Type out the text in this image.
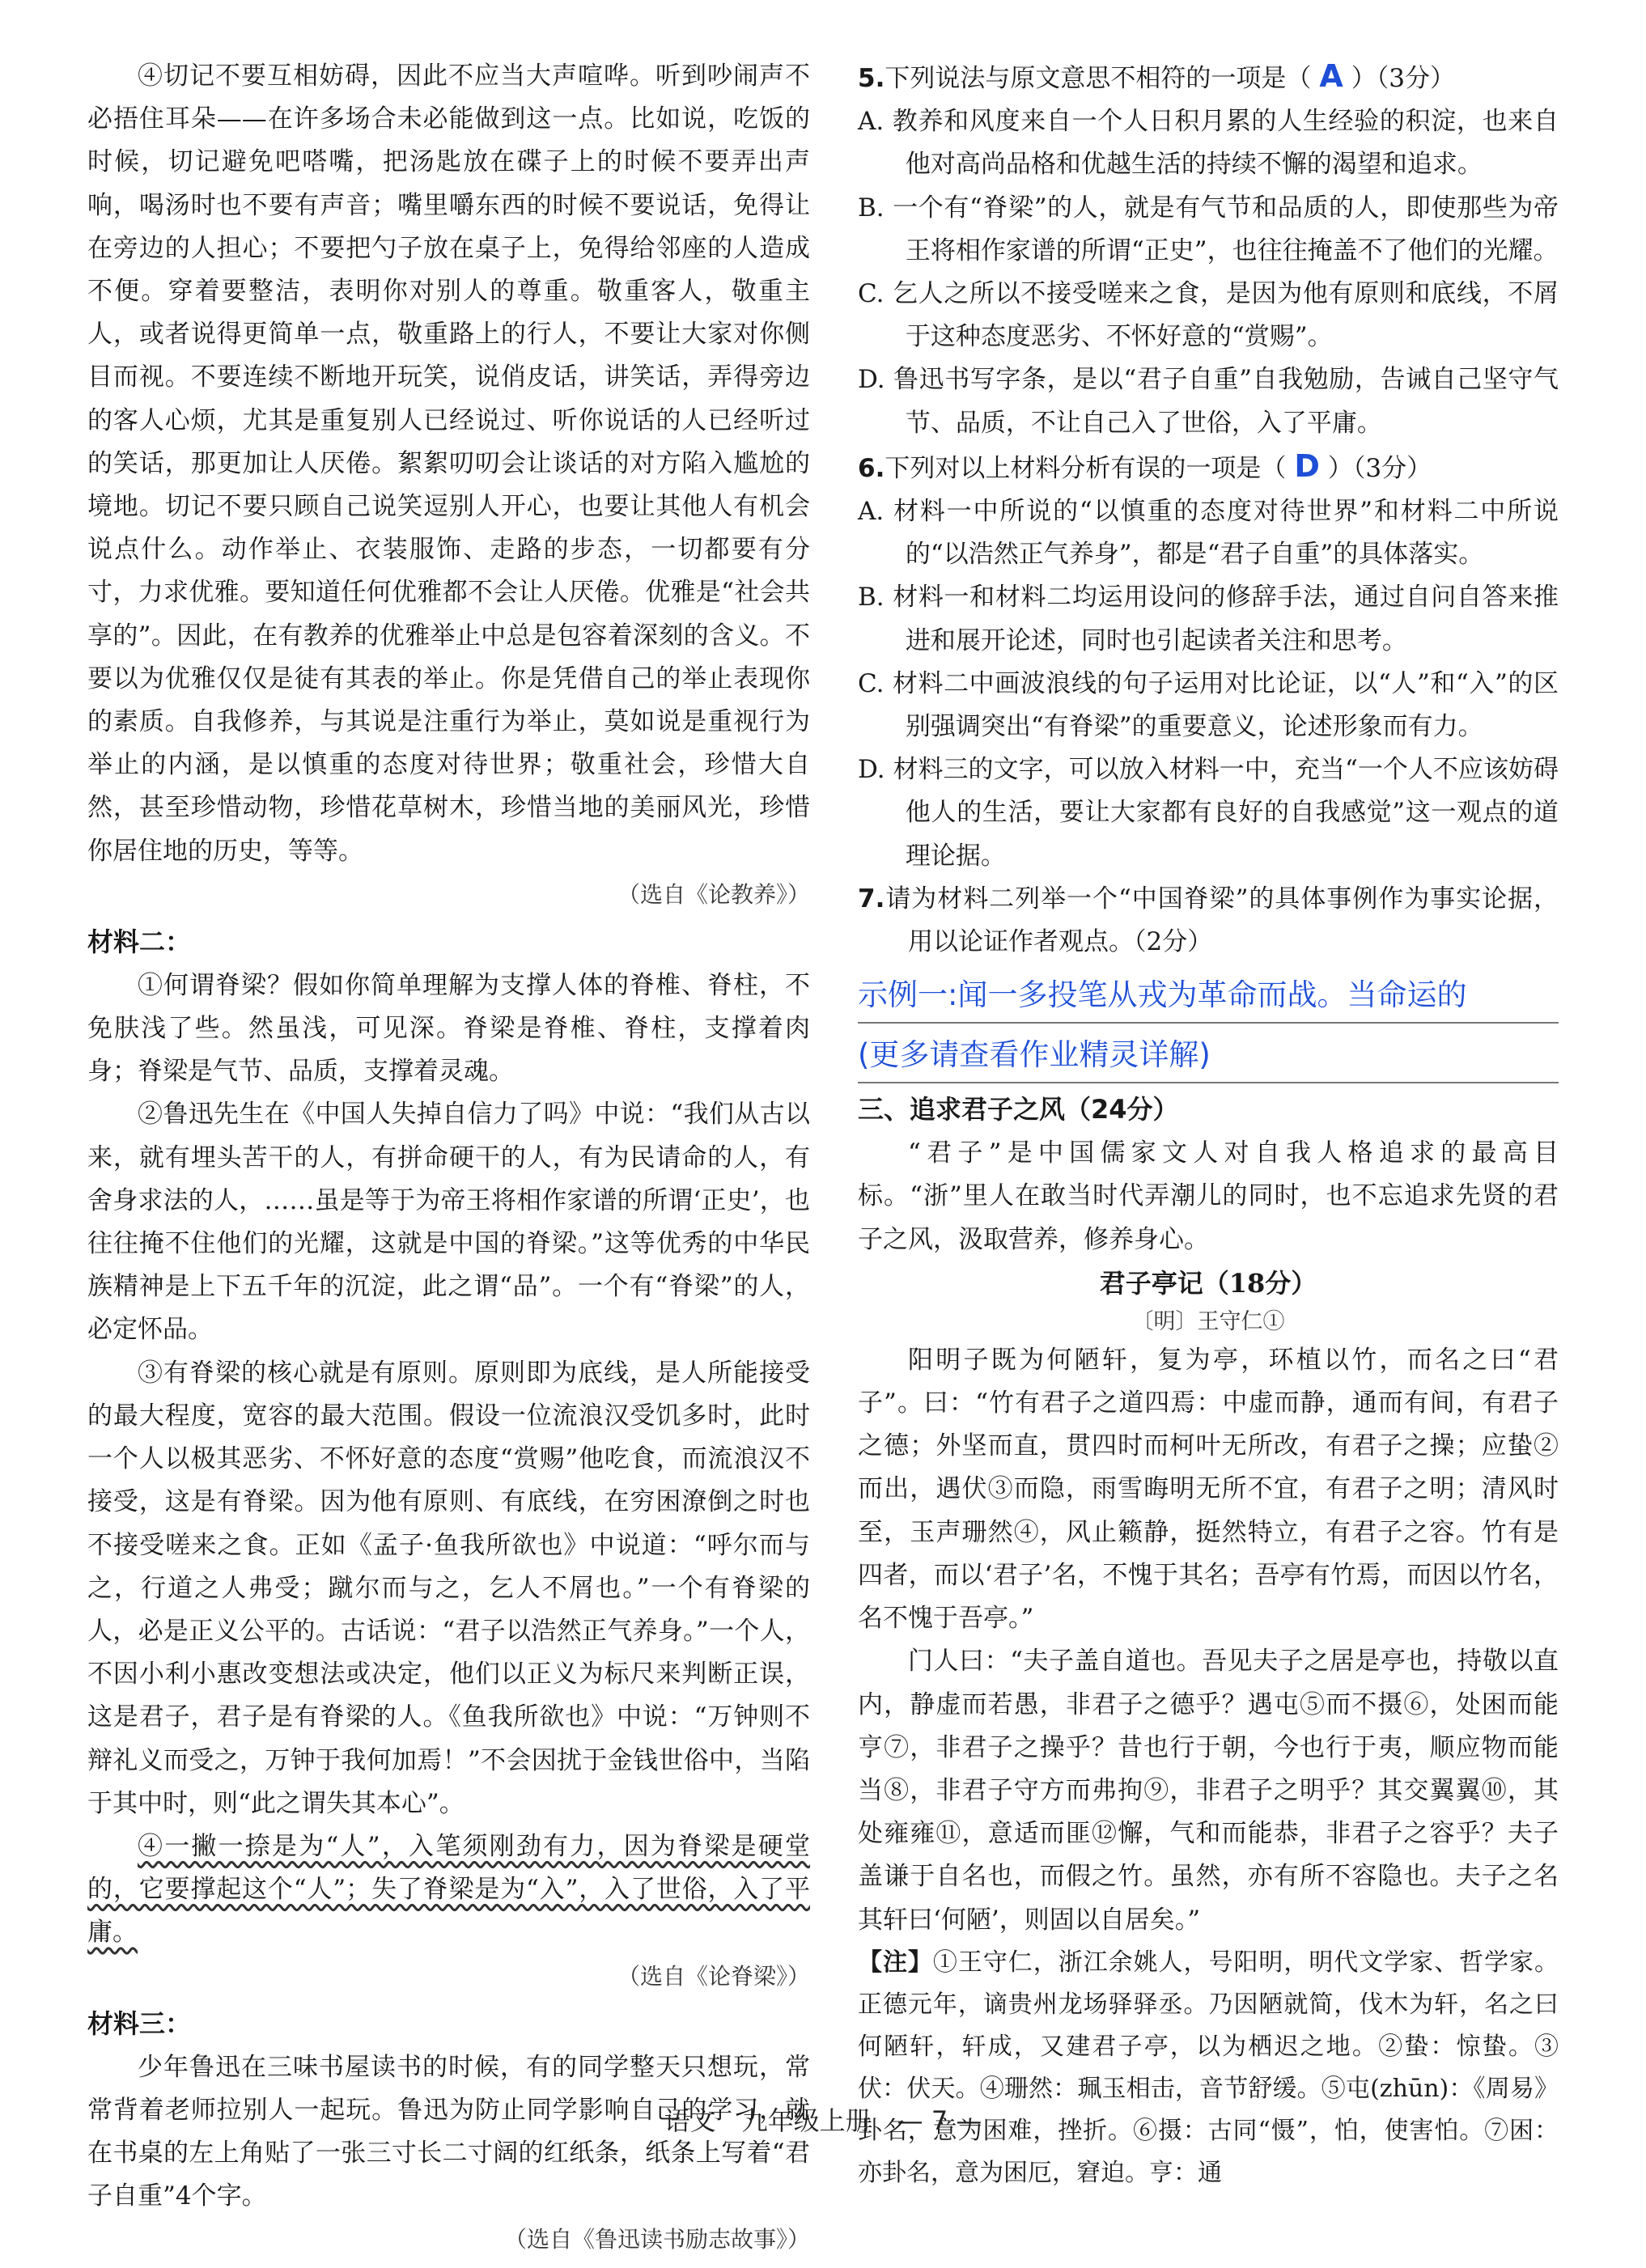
④切记不要互相妨碍，因此不应当大声喧哗。听到吵闹声不必捂住耳朵——在许多场合未必能做到这一点。比如说，吃饭的时候，切记避免吧嗒嘴，把汤匙放在碟子上的时候不要弄出声响，喝汤时也不要有声音；嘴里嚼东西的时候不要说话，免得让在旁边的人担心；不要把勺子放在桌子上，免得给邻座的人造成不便。穿着要整洁，表明你对别人的尊重。敬重客人，敬重主人，或者说得更简单一点，敬重路上的行人，不要让大家对你侧目而视。不要连续不断地开玩笑，说俏皮话，讲笑话，弄得旁边的客人心烦，尤其是重复别人已经说过、听你说话的人已经听过的笑话，那更加让人厌倦。絮絮叨叨会让谈话的对方陷入尴尬的境地。切记不要只顾自己说笑逗别人开心，也要让其他人有机会说点什么。动作举止、衣装服饰、走路的步态，一切都要有分寸，力求优雅。要知道任何优雅都不会让人厌倦。优雅是“社会共享的”。因此，在有教养的优雅举止中总是包容着深刻的含义。不要以为优雅仅仅是徒有其表的举止。你是凭借自己的举止表现你的素质。自我修养，与其说是注重行为举止，莫如说是重视行为举止的内涵，是以慎重的态度对待世界；敬重社会，珍惜大自然，甚至珍惜动物，珍惜花草树木，珍惜当地的美丽风光，珍惜你居住地的历史，等等。

（选自《论教养》）

材料二：

①何谓脊梁？假如你简单理解为支撑人体的脊椎、脊柱，不免肤浅了些。然虽浅，可见深。脊梁是脊椎、脊柱，支撑着肉身；脊梁是气节、品质，支撑着灵魂。

②鲁迅先生在《中国人失掉自信力了吗》中说：“我们从古以来，就有埋头苦干的人，有拼命硬干的人，有为民请命的人，有舍身求法的人，……虽是等于为帝王将相作家谱的所谓‘正史’，也往往掩不住他们的光耀，这就是中国的脊梁。”这等优秀的中华民族精神是上下五千年的沉淀，此之谓“品”。一个有“脊梁”的人，必定怀品。

③有脊梁的核心就是有原则。原则即为底线，是人所能接受的最大程度，宽容的最大范围。假设一位流浪汉受饥多时，此时一个人以极其恶劣、不怀好意的态度“赏赐”他吃食，而流浪汉不接受，这是有脊梁。因为他有原则、有底线，在穷困潦倒之时也不接受嗟来之食。正如《孟子·鱼我所欲也》中说道：“呼尔而与之，行道之人弗受；蹴尔而与之，乞人不屑也。”一个有脊梁的人，必是正义公平的。古话说：“君子以浩然正气养身。”一个人，不因小利小惠改变想法或决定，他们以正义为标尺来判断正误，这是君子，君子是有脊梁的人。《鱼我所欲也》中说：“万钟则不辩礼义而受之，万钟于我何加焉！”不会因扰于金钱世俗中，当陷于其中时，则“此之谓失其本心”。

④一撇一捺是为“人”，入笔须刚劲有力，因为脊梁是硬堂的，它要撑起这个“人”；失了脊梁是为“入”，入了世俗，入了平庸。

（选自《论脊梁》）

材料三：

少年鲁迅在三味书屋读书的时候，有的同学整天只想玩，常常背着老师拉别人一起玩。鲁迅为防止同学影响自己的学习，就在书桌的左上角贴了一张三寸长二寸阔的红纸条，纸条上写着“君子自重”4个字。

（选自《鲁迅读书励志故事》）

5.下列说法与原文意思不相符的一项是（ A ）（3分）

A. 教养和风度来自一个人日积月累的人生经验的积淀，也来自他对高尚品格和优越生活的持续不懈的渴望和追求。

B. 一个有“脊梁”的人，就是有气节和品质的人，即使那些为帝王将相作家谱的所谓“正史”，也往往掩盖不了他们的光耀。

C. 乞人之所以不接受嗟来之食，是因为他有原则和底线，不屑于这种态度恶劣、不怀好意的“赏赐”。

D. 鲁迅书写字条，是以“君子自重”自我勉励，告诫自己坚守气节、品质，不让自己入了世俗，入了平庸。

6.下列对以上材料分析有误的一项是（ D ）（3分）

A. 材料一中所说的“以慎重的态度对待世界”和材料二中所说的“以浩然正气养身”，都是“君子自重”的具体落实。

B. 材料一和材料二均运用设问的修辞手法，通过自问自答来推进和展开论述，同时也引起读者关注和思考。

C. 材料二中画波浪线的句子运用对比论证，以“人”和“入”的区别强调突出“有脊梁”的重要意义，论述形象而有力。

D. 材料三的文字，可以放入材料一中，充当“一个人不应该妨碍他人的生活，要让大家都有良好的自我感觉”这一观点的道理论据。

7.请为材料二列举一个“中国脊梁”的具体事例作为事实论据，用以论证作者观点。（2分）

示例一:闻一多投笔从戎为革命而战。当命运的

(更多请查看作业精灵详解)

三、追求君子之风（24分）

“君子”是中国儒家文人对自我人格追求的最高目标。“浙”里人在敢当时代弄潮儿的同时，也不忘追求先贤的君子之风，汲取营养，修养身心。

君子亭记（18分）

〔明〕王守仁①

阳明子既为何陋轩，复为亭，环植以竹，而名之曰“君子”。曰：“竹有君子之道四焉：中虚而静，通而有间，有君子之德；外坚而直，贯四时而柯叶无所改，有君子之操；应蛰②而出，遇伏③而隐，雨雪晦明无所不宜，有君子之明；清风时至，玉声珊然④，风止籁静，挺然特立，有君子之容。竹有是四者，而以‘君子’名，不愧于其名；吾亭有竹焉，而因以竹名，名不愧于吾亭。”

门人曰：“夫子盖自道也。吾见夫子之居是亭也，持敬以直内，静虚而若愚，非君子之德乎？遇屯⑤而不摄⑥，处困而能亨⑦，非君子之操乎？昔也行于朝，今也行于夷，顺应物而能当⑧，非君子守方而弗拘⑨，非君子之明乎？其交翼翼⑩，其处雍雍⑪，意适而匪⑫懈，气和而能恭，非君子之容乎？夫子盖谦于自名也，而假之竹。虽然，亦有所不容隐也。夫子之名其轩曰‘何陋’，则固以自居矣。”

【注】①王守仁，浙江余姚人，号阳明，明代文学家、哲学家。正德元年，谪贵州龙场驿驿丞。乃因陋就简，伐木为轩，名之曰何陋轩，轩成，又建君子亭，以为栖迟之地。②蛰：惊蛰。③伏：伏天。④珊然：珮玉相击，音节舒缓。⑤屯(zhūn)：《周易》卦名，意为困难，挫折。⑥摄：古同“慑”，怕，使害怕。⑦困：亦卦名，意为困厄，窘迫。亨：通

语文　九年级上册　— 7 —
